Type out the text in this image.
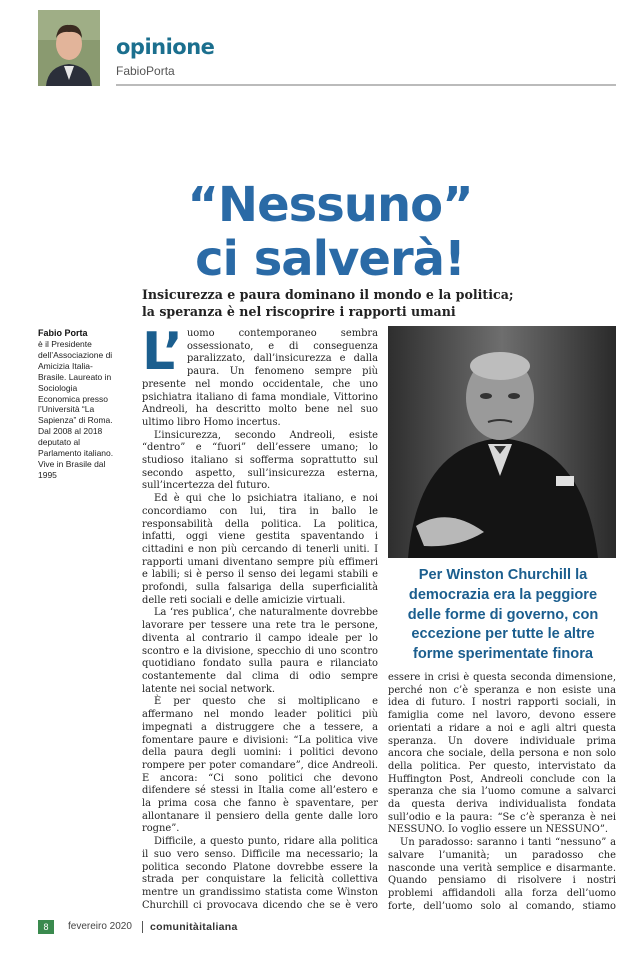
opinione
FabioPorta
“Nessuno”
ci salverà!
Insicurezza e paura dominano il mondo e la politica;
la speranza è nel riscoprire i rapporti umani
Fabio Porta
è il Presidente dell’Associazione di Amicizia Italia-Brasile. Laureato in Sociologia Economica presso l’Università “La Sapienza” di Roma. Dal 2008 al 2018 deputato al Parlamento italiano. Vive in Brasile dal 1995
L’ uomo contemporaneo sembra ossessionato, e di conseguenza paralizzato, dall’insicurezza e dalla paura. Un fenomeno sempre più presente nel mondo occidentale, che uno psichiatra italiano di fama mondiale, Vittorino Andreoli, ha descritto molto bene nel suo ultimo libro Homo incertus.

L’insicurezza, secondo Andreoli, esiste “dentro” e “fuori” dell’essere umano; lo studioso italiano si sofferma soprattutto sul secondo aspetto, sull’insicurezza esterna, sull’incertezza del futuro.

Ed è qui che lo psichiatra italiano, e noi concordiamo con lui, tira in ballo le responsabilità della politica. La politica, infatti, oggi viene gestita spaventando i cittadini e non più cercando di tenerli uniti. I rapporti umani diventano sempre più effimeri e labili; si è perso il senso dei legami stabili e profondi, sulla falsariga della superficialità delle reti sociali e delle amicizie virtuali.

La ‘res publica’, che naturalmente dovrebbe lavorare per tessere una rete tra le persone, diventa al contrario il campo ideale per lo scontro e la divisione, specchio di uno scontro quotidiano fondato sulla paura e rilanciato costantemente dal clima di odio sempre latente nei social network.

È per questo che si moltiplicano e affermano nel mondo leader politici più impegnati a distruggere che a tessere, a fomentare paure e divisioni: “La politica vive della paura degli uomini: i politici devono rompere per poter comandare”, dice Andreoli. E ancora: “Ci sono politici che devono difendere sé stessi in Italia come all’estero e la prima cosa che fanno è spaventare, per allontanare il pensiero della gente dalle loro rogne”.

Difficile, a questo punto, ridare alla politica il suo vero senso. Difficile ma necessario; la politica secondo Platone dovrebbe essere la strada per conquistare la felicità collettiva mentre un grandissimo statista come Winston Churchill ci provocava dicendo che se è vero

Per Winston Churchill la democrazia era la peggiore delle forme di governo, con eccezione per tutte le altre forme sperimentate finora

essere in crisi è questa seconda dimensione, perché non c’è speranza e non esiste una idea di futuro. I nostri rapporti sociali, in famiglia come nel lavoro, devono essere orientati a ridare a noi e agli altri questa speranza. Un dovere individuale prima ancora che sociale, della persona e non solo della politica. Per questo, intervistato da Huffington Post, Andreoli conclude con la speranza che sia l’uomo comune a salvarci da questa deriva individualista fondata sull’odio e la paura: “Se c’è speranza è nei NESSUNO. Io voglio essere un NESSUNO”.

Un paradosso: saranno i tanti “nessuno” a salvare l’umanità; un paradosso che nasconde una verità semplice e disarmante. Quando pensiamo di risolvere i nostri problemi affidandoli alla forza dell’uomo forte, dell’uomo solo al comando, stiamo

8	fevereiro 2020 comunitàitaliana
